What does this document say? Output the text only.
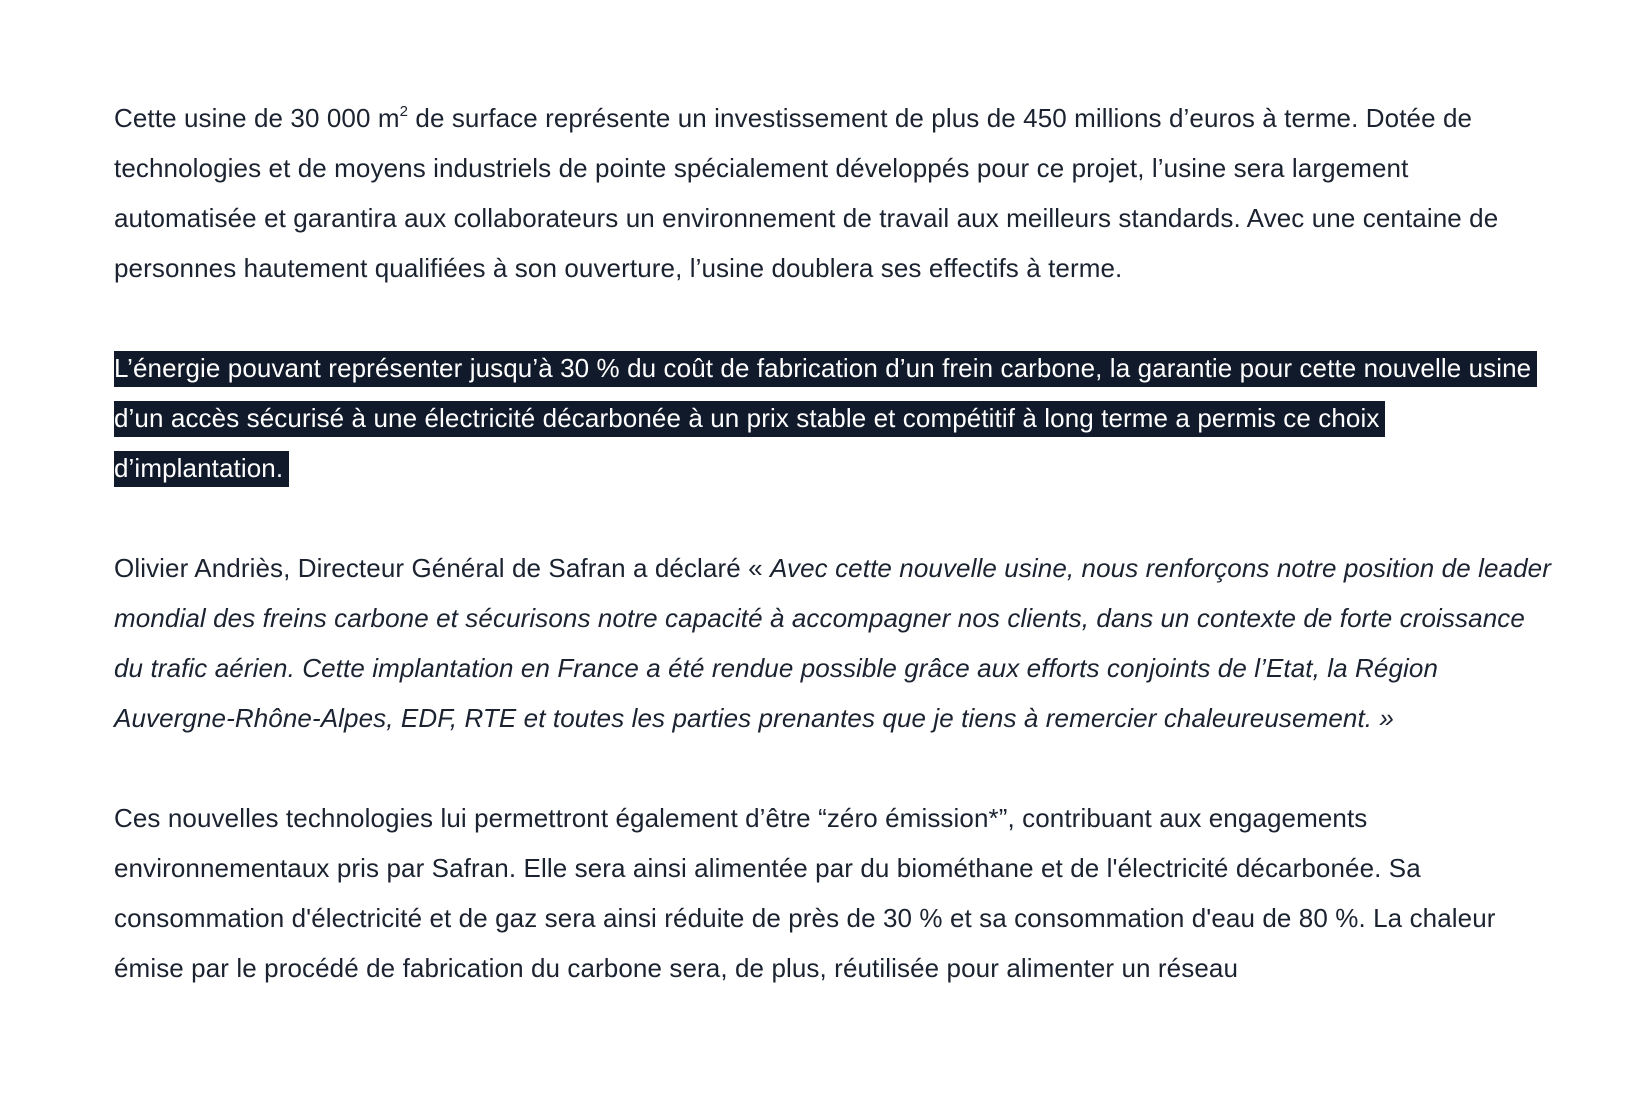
Cette usine de 30 000 $m^2$ de surface représente un investissement de plus de 450 millions d’euros à terme. Dotée de technologies et de moyens industriels de pointe spécialement développés pour ce projet, l’usine sera largement automatisée et garantira aux collaborateurs un environnement de travail aux meilleurs standards. Avec une centaine de personnes hautement qualifiées à son ouverture, l’usine doublera ses effectifs à terme.

L’énergie pouvant représenter jusqu’à 30 % du coût de fabrication d’un frein carbone, la garantie pour cette nouvelle usine d’un accès sécurisé à une électricité décarbonée à un prix stable et compétitif à long terme a permis ce choix d’implantation.

Olivier Andriès, Directeur Général de Safran a déclaré « Avec cette nouvelle usine, nous renforçons notre position de leader mondial des freins carbone et sécurisons notre capacité à accompagner nos clients, dans un contexte de forte croissance du trafic aérien. Cette implantation en France a été rendue possible grâce aux efforts conjoints de l’Etat, la Région Auvergne-Rhône-Alpes, EDF, RTE et toutes les parties prenantes que je tiens à remercier chaleureusement. »

Ces nouvelles technologies lui permettront également d’être “zéro émission*”, contribuant aux engagements environnementaux pris par Safran. Elle sera ainsi alimentée par du biométhane et de l'électricité décarbonée. Sa consommation d'électricité et de gaz sera ainsi réduite de près de 30 % et sa consommation d'eau de 80 %. La chaleur émise par le procédé de fabrication du carbone sera, de plus, réutilisée pour alimenter un réseau
